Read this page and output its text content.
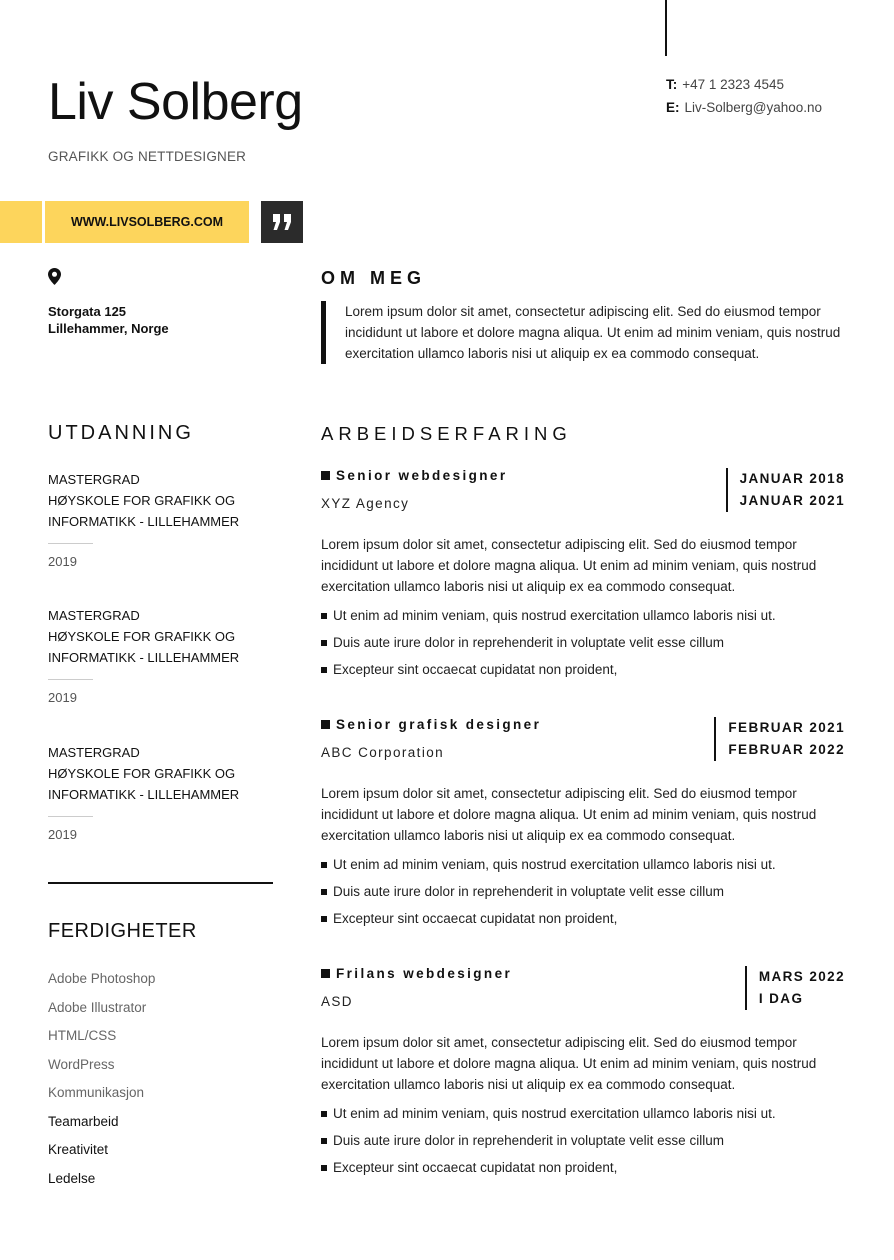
Liv Solberg
GRAFIKK OG NETTDESIGNER
T: +47 1 2323 4545
E: Liv-Solberg@yahoo.no
WWW.LIVSOLBERG.COM
Storgata 125
Lillehammer, Norge
UTDANNING
MASTERGRAD
HØYSKOLE FOR GRAFIKK OG
INFORMATIKK - LILLEHAMMER
2019
MASTERGRAD
HØYSKOLE FOR GRAFIKK OG
INFORMATIKK - LILLEHAMMER
2019
MASTERGRAD
HØYSKOLE FOR GRAFIKK OG
INFORMATIKK - LILLEHAMMER
2019
FERDIGHETER
Adobe Photoshop
Adobe Illustrator
HTML/CSS
WordPress
Kommunikasjon
Teamarbeid
Kreativitet
Ledelse
OM MEG
Lorem ipsum dolor sit amet, consectetur adipiscing elit. Sed do eiusmod tempor incididunt ut labore et dolore magna aliqua. Ut enim ad minim veniam, quis nostrud exercitation ullamco laboris nisi ut aliquip ex ea commodo consequat.
ARBEIDSERFARING
Senior webdesigner
XYZ Agency
JANUAR 2018
JANUAR 2021
Lorem ipsum dolor sit amet, consectetur adipiscing elit. Sed do eiusmod tempor incididunt ut labore et dolore magna aliqua. Ut enim ad minim veniam, quis nostrud exercitation ullamco laboris nisi ut aliquip ex ea commodo consequat.
Ut enim ad minim veniam, quis nostrud exercitation ullamco laboris nisi ut.
Duis aute irure dolor in reprehenderit in voluptate velit esse cillum
Excepteur sint occaecat cupidatat non proident,
Senior grafisk designer
ABC Corporation
FEBRUAR 2021
FEBRUAR 2022
Lorem ipsum dolor sit amet, consectetur adipiscing elit. Sed do eiusmod tempor incididunt ut labore et dolore magna aliqua. Ut enim ad minim veniam, quis nostrud exercitation ullamco laboris nisi ut aliquip ex ea commodo consequat.
Ut enim ad minim veniam, quis nostrud exercitation ullamco laboris nisi ut.
Duis aute irure dolor in reprehenderit in voluptate velit esse cillum
Excepteur sint occaecat cupidatat non proident,
Frilans webdesigner
ASD
MARS 2022
I DAG
Lorem ipsum dolor sit amet, consectetur adipiscing elit. Sed do eiusmod tempor incididunt ut labore et dolore magna aliqua. Ut enim ad minim veniam, quis nostrud exercitation ullamco laboris nisi ut aliquip ex ea commodo consequat.
Ut enim ad minim veniam, quis nostrud exercitation ullamco laboris nisi ut.
Duis aute irure dolor in reprehenderit in voluptate velit esse cillum
Excepteur sint occaecat cupidatat non proident,
